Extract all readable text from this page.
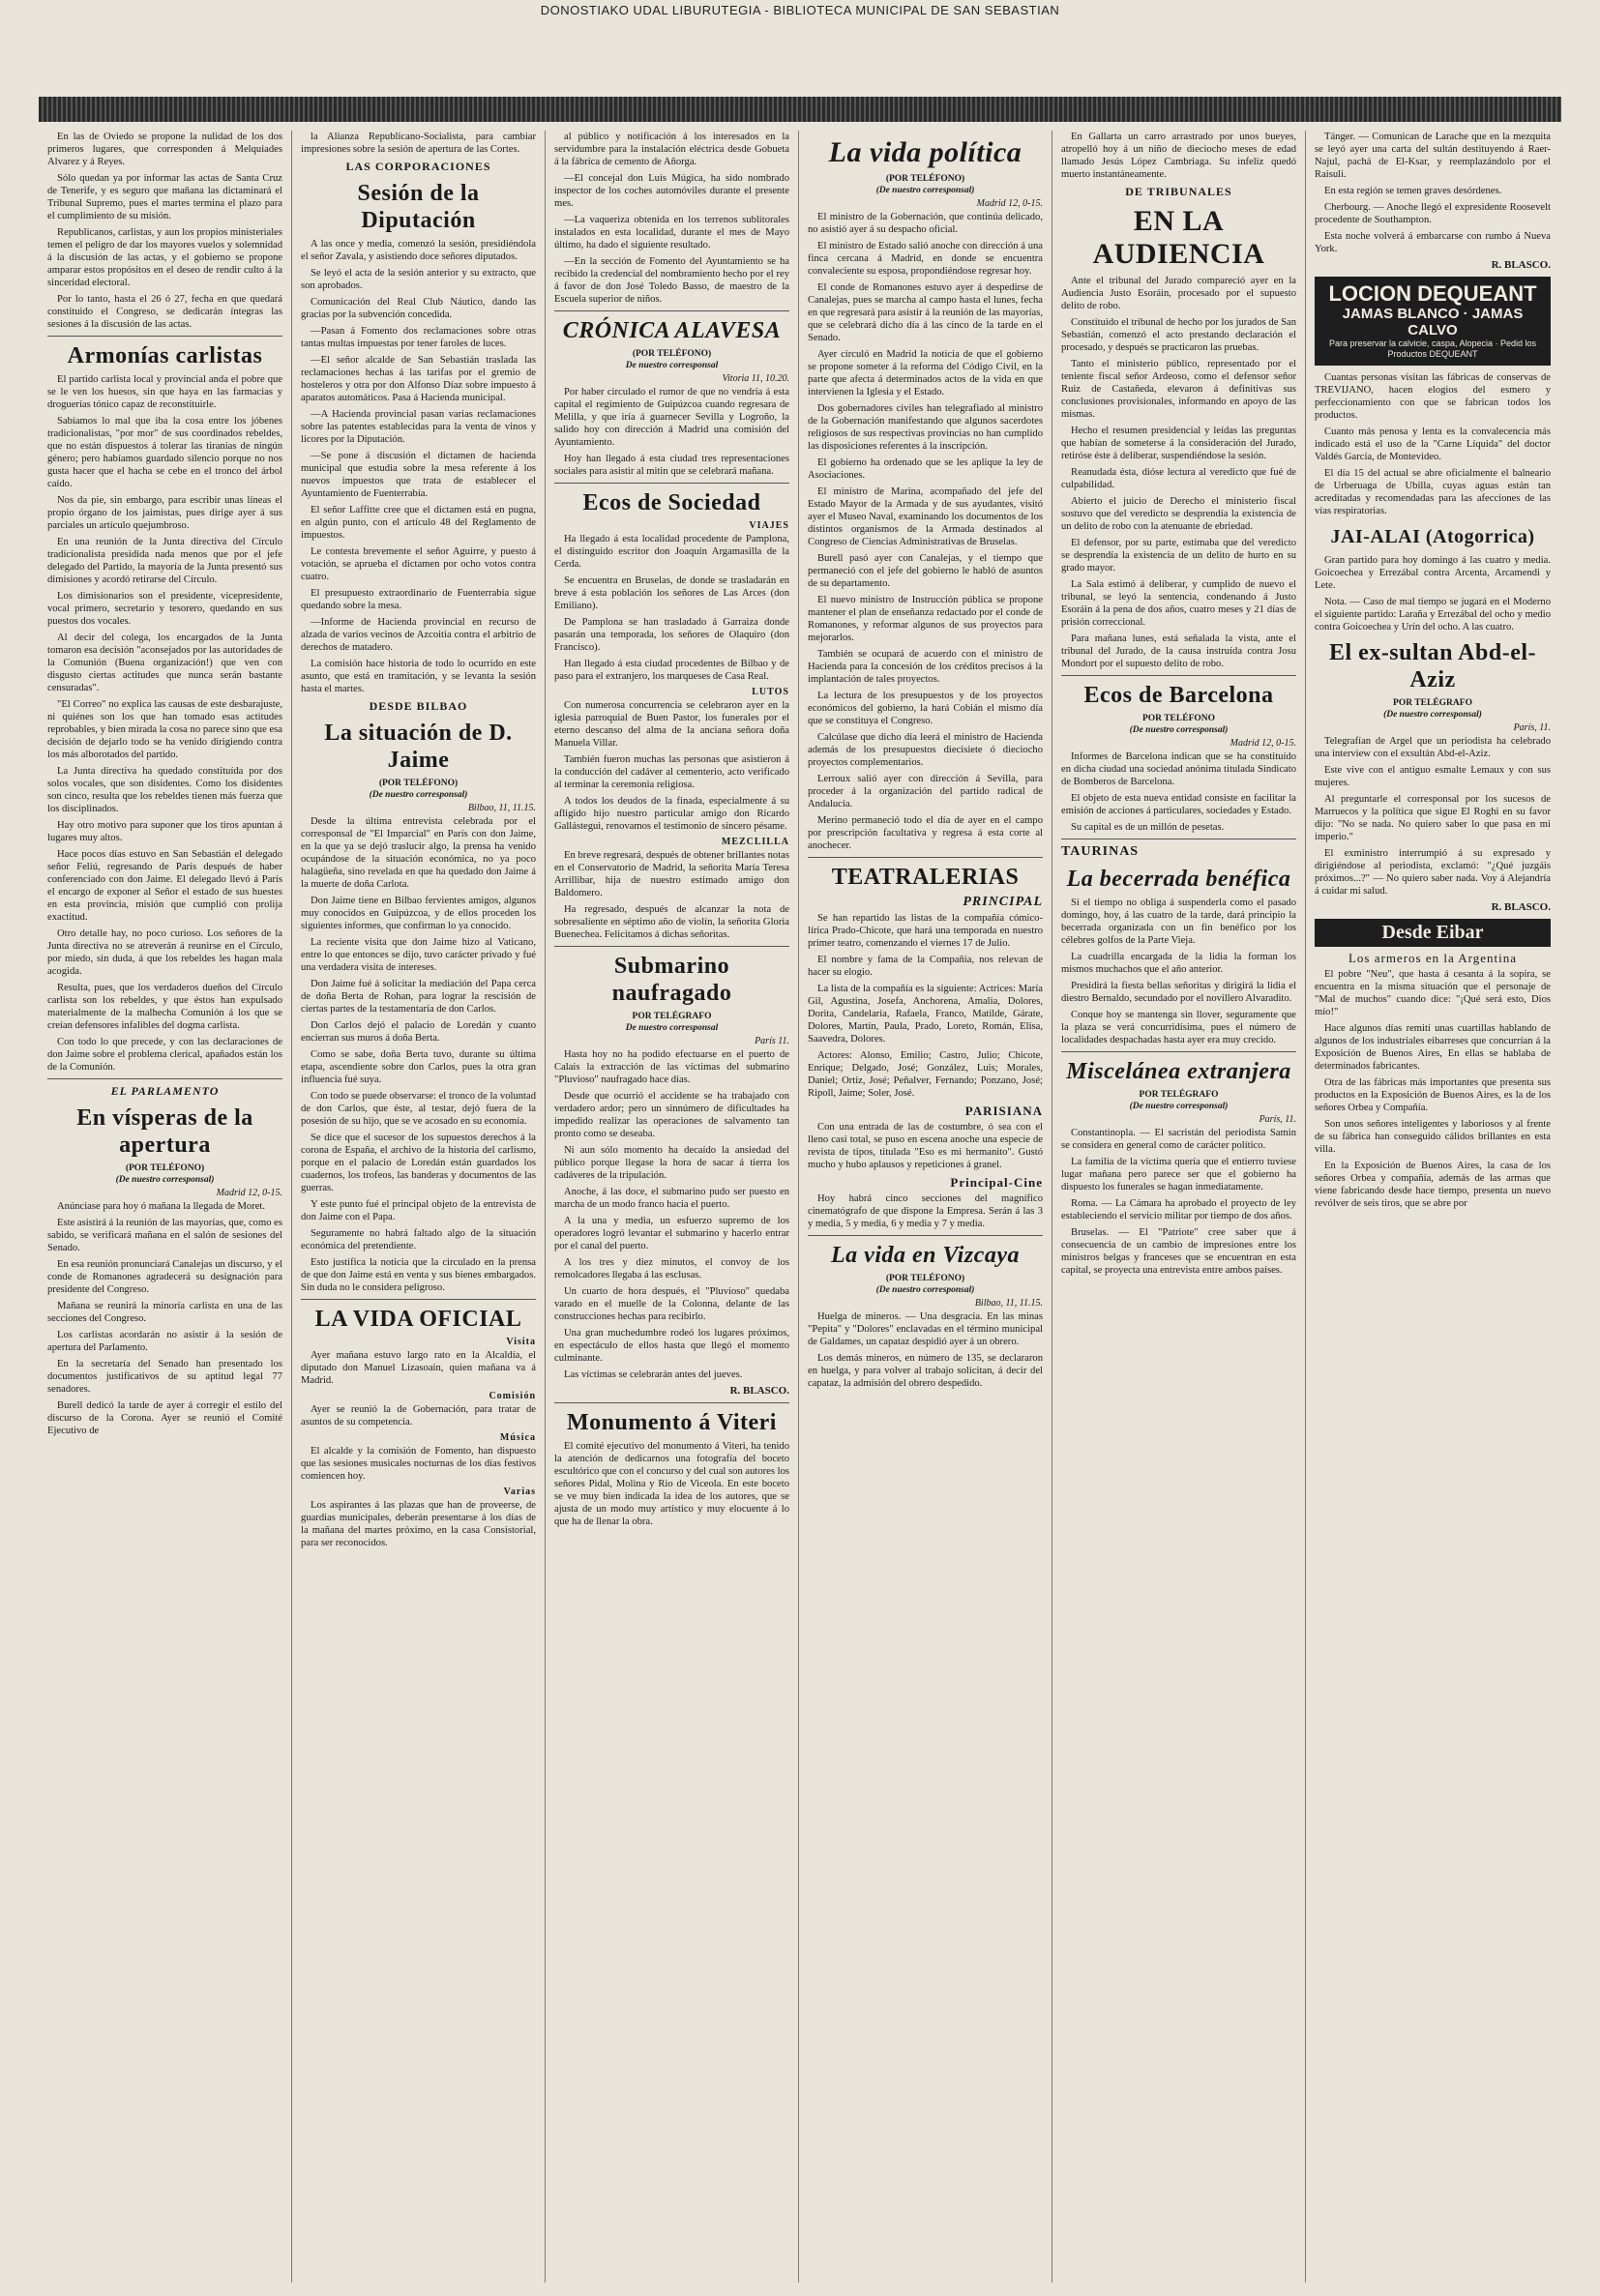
DONOSTIAKO UDAL LIBURUTEGIA - BIBLIOTECA MUNICIPAL DE SAN SEBASTIAN

En las de Oviedo se propone la nulidad de los dos primeros lugares, que corresponden á Melquiades Alvarez y á Reyes.

Sólo quedan ya por informar las actas de Santa Cruz de Tenerife, y es seguro que mañana las dictaminará el Tribunal Supremo, pues el martes termina el plazo para el cumplimiento de su misión.

Republicanos, carlistas, y aun los propios ministeriales temen el peligro de dar los mayores vuelos y solemnidad á la discusión de las actas, y el gobierno se propone amparar estos propósitos en el deseo de rendir culto á la sinceridad electoral.

Por lo tanto, hasta el 26 ó 27, fecha en que quedará constituido el Congreso, se dedicarán íntegras las sesiones á la discusión de las actas.

Armonías carlistas

El partido carlista local y provincial anda el pobre que se le ven los huesos, sin que haya en las farmacias y droguerías tónico capaz de reconstituirle.

Sabíamos lo mal que iba la cosa entre los jóbenes tradicionalistas, "por mor" de sus coordinados rebeldes, que no están dispuestos á tolerar las tiranías de ningún género; pero habíamos guardado silencio porque no nos gusta hacer que el hacha se cebe en el tronco del árbol caído.

Nos da pie, sin embargo, para escribir unas líneas el propio órgano de los jaimistas, pues dirige ayer á sus parciales un artículo quejumbroso.

En una reunión de la Junta directiva del Círculo tradicionalista presidida nada menos que por el jefe delegado del Partido, la mayoría de la Junta presentó sus dimisiones y acordó retirarse del Círculo.

Los dimisionarios son el presidente, vicepresidente, vocal primero, secretario y tesorero, quedando en sus puestos dos vocales.

Al decir del colega, los encargados de la Junta tomaron esa decisión "aconsejados por las autoridades de la Comunión (Buena organización!) que ven con disgusto ciertas actitudes que nunca serán bastante censuradas".

"El Correo" no explica las causas de este desbarajuste, ni quiénes son los que han tomado esas actitudes reprobables, y bien mirada la cosa no parece sino que esa decisión de dejarlo todo se ha venido dirigiendo contra los más alborotados del partido.

La Junta directiva ha quedado constituída por dos solos vocales, que son disidentes. Como los disidentes son cinco, resulta que los rebeldes tienen más fuerza que los disciplinados.

Hay otro motivo para suponer que los tiros apuntan á lugares muy altos.

Hace pocos días estuvo en San Sebastián el delegado señor Feliú, regresando de París después de haber conferenciado con don Jaime. El delegado llevó á París el encargo de exponer al Señor el estado de sus huestes en esta provincia, misión que cumplió con prolija exactitud.

Otro detalle hay, no poco curioso. Los señores de la Junta directiva no se atreverán á reunirse en el Círculo, por miedo, sin duda, á que los rebeldes les hagan mala acogida.

Resulta, pues, que los verdaderos dueños del Círculo carlista son los rebeldes, y que éstos han expulsado materialmente de la malhecha Comunión á los que se creían defensores infalibles del dogma carlista.

Con todo lo que precede, y con las declaraciones de don Jaime sobre el problema clerical, apañados están los de la Comunión.

EL PARLAMENTO
En vísperas de la apertura
(POR TELÉFONO)
(De nuestro corresponsal)
Madrid 12, 0-15.

Anúnciase para hoy ó mañana la llegada de Moret.

Este asistirá á la reunión de las mayorías, que, como es sabido, se verificará mañana en el salón de sesiones del Senado.

En esa reunión pronunciará Canalejas un discurso, y el conde de Romanones agradecerá su designación para presidente del Congreso.

Mañana se reunirá la minoría carlista en una de las secciones del Congreso.

Los carlistas acordarán no asistir á la sesión de apertura del Parlamento.

En la secretaría del Senado han presentado los documentos justificativos de su aptitud legal 77 senadores.

Burell dedicó la tarde de ayer á corregir el estilo del discurso de la Corona. Ayer se reunió el Comité Ejecutivo de

la Alianza Republicano-Socialista, para cambiar impresiones sobre la sesión de apertura de las Cortes.

LAS CORPORACIONES
Sesión de la Diputación

A las once y media, comenzó la sesión, presidiéndola el señor Zavala, y asistiendo doce señores diputados.

Se leyó el acta de la sesión anterior y su extracto, que son aprobados.

Comunicación del Real Club Náutico, dando las gracias por la subvención concedida.

—Pasan á Fomento dos reclamaciones sobre otras tantas multas impuestas por tener faroles de luces.

—El señor alcalde de San Sebastián traslada las reclamaciones hechas á las tarifas por el gremio de hosteleros y otra por don Alfonso Díaz sobre impuesto á aparatos automáticos. Pasa á Hacienda municipal.

—A Hacienda provincial pasan varias reclamaciones sobre las patentes establecidas para la venta de vinos y licores por la Diputación.

—Se pone á discusión el dictamen de hacienda municipal que estudia sobre la mesa referente á los nuevos impuestos que trata de establecer el Ayuntamiento de Fuenterrabía.

El señor Laffitte cree que el dictamen está en pugna, en algún punto, con el artículo 48 del Reglamento de impuestos.

Le contesta brevemente el señor Aguirre, y puesto á votación, se aprueba el dictamen por ocho votos contra cuatro.

El presupuesto extraordinario de Fuenterrabía sigue quedando sobre la mesa.

—Informe de Hacienda provincial en recurso de alzada de varios vecinos de Azcoitia contra el arbitrio de derechos de matadero.

La comisión hace historia de todo lo ocurrido en este asunto, que está en tramitación, y se levanta la sesión hasta el martes.

DESDE BILBAO
La situación de D. Jaime
(POR TELÉFONO)
(De nuestro corresponsal)
Bilbao, 11, 11.15.

Desde la última entrevista celebrada por el corresponsal de "El Imparcial" en París con don Jaime, en la que ya se dejó traslucir algo, la prensa ha venido ocupándose de la situación económica, no ya poco halagüeña, sino revelada en que ha quedado don Jaime á la muerte de doña Carlota.

Don Jaime tiene en Bilbao fervientes amigos, algunos muy conocidos en Guipúzcoa, y de ellos proceden los siguientes informes, que confirman lo ya conocido.

La reciente visita que don Jaime hizo al Vaticano, entre lo que entonces se dijo, tuvo carácter privado y fué una verdadera visita de intereses.

Don Jaime fué á solicitar la mediación del Papa cerca de doña Berta de Rohan, para lograr la rescisión de ciertas partes de la testamentaría de don Carlos.

Don Carlos dejó el palacio de Loredán y cuanto encierran sus muros á doña Berta.

Como se sabe, doña Berta tuvo, durante su última etapa, ascendiente sobre don Carlos, pues la otra gran influencia fué suya.

Con todo se puede observarse: el tronco de la voluntad de don Carlos, que éste, al testar, dejó fuera de la posesión de su hijo, que se ve acosado en su economía.

Se dice que el sucesor de los supuestos derechos á la corona de España, el archivo de la historia del carlismo, porque en el palacio de Loredán están guardados los cuadernos, los trofeos, las banderas y documentos de las guerras.

Y este punto fué el principal objeto de la entrevista de don Jaime con el Papa.

Seguramente no habrá faltado algo de la situación económica del pretendiente.

Esto justifica la noticia que la circulado en la prensa de que don Jaime está en venta y sus bienes embargados. Sin duda no le considera peligroso.

LA VIDA OFICIAL
Visita

Ayer mañana estuvo largo rato en la Alcaldía, el diputado don Manuel Lizasoain, quien mañana va á Madrid.

Comisión

Ayer se reunió la de Gobernación, para tratar de asuntos de su competencia.

Música

El alcalde y la comisión de Fomento, han dispuesto que las sesiones musicales nocturnas de los días festivos comiencen hoy.

Varias

Los aspirantes á las plazas que han de proveerse, de guardias municipales, deberán presentarse á los días de la mañana del martes próximo, en la casa Consistorial, para ser reconocidos.

al público y notificación á los interesados en la servidumbre para la instalación eléctrica desde Gobueta á la fábrica de cemento de Añorga.

—El concejal don Luis Múgica, ha sido nombrado inspector de los coches automóviles durante el presente mes.

—La vaqueriza obtenida en los terrenos sublitorales instalados en esta localidad, durante el mes de Mayo último, ha dado el siguiente resultado.

—En la sección de Fomento del Ayuntamiento se ha recibido la credencial del nombramiento hecho por el rey á favor de don José Toledo Basso, de maestro de la Escuela superior de niños.

CRÓNICA ALAVESA
(POR TELÉFONO)
De nuestro corresponsal
Vitoria 11, 10.20.

Por haber circulado el rumor de que no vendría á esta capital el regimiento de Guipúzcoa cuando regresara de Melilla, y que iría á guarnecer Sevilla y Logroño, la salido hoy con dirección á Madrid una comisión del Ayuntamiento.

Hoy han llegado á esta ciudad tres representaciones sociales para asistir al mitin que se celebrará mañana.

Ecos de Sociedad
VIAJES

Ha llegado á esta localidad procedente de Pamplona, el distinguido escritor don Joaquín Argamasilla de la Cerda.

Se encuentra en Bruselas, de donde se trasladarán en breve á esta población los señores de Las Arces (don Emiliano).

De Pamplona se han trasladado á Garraiza donde pasarán una temporada, los señores de Olaquiro (don Francisco).

Han llegado á esta ciudad procedentes de Bilbao y de paso para el extranjero, los marqueses de Casa Real.

LUTOS

Con numerosa concurrencia se celebraron ayer en la iglesia parroquial de Buen Pastor, los funerales por el eterno descanso del alma de la anciana señora doña Manuela Villar.

También fueron muchas las personas que asistieron á la conducción del cadáver al cementerio, acto verificado al terminar la ceremonia religiosa.

A todos los deudos de la finada, especialmente á su afligido hijo nuestro particular amigo don Ricardo Gallástegui, renovamos el testimonio de sincero pésame.

MEZCLILLA

En breve regresará, después de obtener brillantes notas en el Conservatorio de Madrid, la señorita María Teresa Arrillibar, hija de nuestro estimado amigo don Baldomero.

Ha regresado, después de alcanzar la nota de sobresaliente en séptimo año de violín, la señorita Gloria Buenechea. Felicitamos á dichas señoritas.

Submarino naufragado
POR TELÉGRAFO
De nuestro corresponsal
París 11.

Hasta hoy no ha podido efectuarse en el puerto de Calais la extracción de las víctimas del submarino "Pluvioso" naufragado hace días.

Desde que ocurrió el accidente se ha trabajado con verdadero ardor; pero un sinnúmero de dificultades ha impedido realizar las operaciones de salvamento tan pronto como se deseaba.

Ni aun sólo momento ha decaído la ansiedad del público porque llegase la hora de sacar á tierra los cadáveres de la tripulación.

Anoche, á las doce, el submarino pudo ser puesto en marcha de un modo franco hacia el puerto.

A la una y media, un esfuerzo supremo de los operadores logró levantar el submarino y hacerlo entrar por el canal del puerto.

A los tres y diez minutos, el convoy de los remolcadores llegaba á las esclusas.

Un cuarto de hora después, el "Pluvioso" quedaba varado en el muelle de la Colonna, delante de las construcciones hechas para recibirlo.

Una gran muchedumbre rodeó los lugares próximos, en espectáculo de ellos hasta que llegó el momento culminante.

Las víctimas se celebrarán antes del jueves.

R. BLASCO.
Monumento á Viteri

El comité ejecutivo del monumento á Viteri, ha tenido la atención de dedicarnos una fotografía del boceto escultórico que con el concurso y del cual son autores los señores Pidal, Molina y Rio de Viceola. En este boceto se ve muy bien indicada la idea de los autores, que se ajusta de un modo muy artístico y muy elocuente á lo que ha de llenar la obra.

La vida política
(POR TELÉFONO)
(De nuestro corresponsal)
Madrid 12, 0-15.

El ministro de la Gobernación, que continúa delicado, no asistió ayer á su despacho oficial.

El ministro de Estado salió anoche con dirección á una finca cercana á Madrid, en donde se encuentra convaleciente su esposa, propondiéndose regresar hoy.

El conde de Romanones estuvo ayer á despedirse de Canalejas, pues se marcha al campo hasta el lunes, fecha en que regresará para asistir á la reunión de las mayorías, que se celebrará dicho día á las cinco de la tarde en el Senado.

Ayer circuló en Madrid la noticia de que el gobierno se propone someter á la reforma del Código Civil, en la parte que afecta á determinados actos de la vida en que intervienen la Iglesia y el Estado.

Dos gobernadores civiles han telegrafiado al ministro de la Gobernación manifestando que algunos sacerdotes religiosos de sus respectivas provincias no han cumplido las disposiciones referentes á la inscripción.

El gobierno ha ordenado que se les aplique la ley de Asociaciones.

El ministro de Marina, acompañado del jefe del Estado Mayor de la Armada y de sus ayudantes, visitó ayer el Museo Naval, examinando los documentos de los distintos organismos de la Armada destinados al Congreso de Ciencias Administrativas de Bruselas.

Burell pasó ayer con Canalejas, y el tiempo que permaneció con el jefe del gobierno le habló de asuntos de su departamento.

El nuevo ministro de Instrucción pública se propone mantener el plan de enseñanza redactado por el conde de Romanones, y reformar algunos de sus proyectos para mejorarlos.

También se ocupará de acuerdo con el ministro de Hacienda para la concesión de los créditos precisos á la implantación de tales proyectos.

La lectura de los presupuestos y de los proyectos económicos del gobierno, la hará Cobián el mismo día que se constituya el Congreso.

Calcúlase que dicho día leerá el ministro de Hacienda además de los presupuestos diecisiete ó dieciocho proyectos complementarios.

Lerroux salió ayer con dirección á Sevilla, para proceder á la organización del partido radical de Andalucía.

Merino permaneció todo el día de ayer en el campo por prescripción facultativa y regresa á esta corte al anochecer.

TEATRALERIAS
PRINCIPAL

Se han repartido las listas de la compañía cómico-lírica Prado-Chicote, que hará una temporada en nuestro primer teatro, comenzando el viernes 17 de Julio.

El nombre y fama de la Compañía, nos relevan de hacer su elogio.

La lista de la compañía es la siguiente: Actrices: María Gil, Agustina, Josefa, Anchorena, Amalia, Dolores, Dorita, Candelaria, Rafaela, Franco, Matilde, Gárate, Dolores, Martín, Paula, Prado, Loreto, Román, Elisa, Saavedra, Dolores.

Actores: Alonso, Emilio; Castro, Julio; Chicote, Enrique; Delgado, José; González, Luis; Morales, Daniel; Ortiz, José; Peñalver, Fernando; Ponzano, José; Ripoll, Jaime; Soler, José.

PARISIANA

Con una entrada de las de costumbre, ó sea con el lleno casi total, se puso en escena anoche una especie de revista de tipos, titulada "Eso es mi hermanito". Gustó mucho y hubo aplausos y repeticiones á granel.

Principal-Cine

Hoy habrá cinco secciones del magnífico cinematógrafo de que dispone la Empresa. Serán á las 3 y media, 5 y media, 6 y media y 7 y media.

La vida en Vizcaya
(POR TELÉFONO)
(De nuestro corresponsal)
Bilbao, 11, 11.15.

Huelga de mineros. — Una desgracia. En las minas "Pepita" y "Dolores" enclavadas en el término municipal de Galdames, un capataz despidió ayer á un obrero.

Los demás mineros, en número de 135, se declararon en huelga, y para volver al trabajo solicitan, á decir del capataz, la admisión del obrero despedido.

En Gallarta un carro arrastrado por unos bueyes, atropelló hoy á un niño de dieciocho meses de edad llamado Jesús López Cambriaga. Su infeliz quedó muerto instantáneamente.

DE TRIBUNALES
EN LA AUDIENCIA

Ante el tribunal del Jurado comparecíó ayer en la Audiencia Justo Esoráin, procesado por el supuesto delito de robo.

Constituido el tribunal de hecho por los jurados de San Sebastián, comenzó el acto prestando declaración el procesado, y después se practicaron las pruebas.

Tanto el ministerio público, representado por el teniente fiscal señor Ardeoso, como el defensor señor Ruiz de Castañeda, elevaron á definitivas sus conclusiones provisionales, informando en apoyo de las mismas.

Hecho el resumen presidencial y leídas las preguntas que habían de someterse á la consideración del Jurado, retiróse éste á deliberar, suspendiéndose la sesión.

Reanudada ésta, dióse lectura al veredicto que fué de culpabilidad.

Abierto el juicio de Derecho el ministerio fiscal sostuvo que del veredicto se desprendía la existencia de un delito de robo con la atenuante de ebriedad.

El defensor, por su parte, estimaba que del veredicto se desprendía la existencia de un delito de hurto en su grado mayor.

La Sala estimó á deliberar, y cumplido de nuevo el tribunal, se leyó la sentencia, condenando á Justo Esoráin á la pena de dos años, cuatro meses y 21 días de prisión correccional.

Para mañana lunes, está señalada la vista, ante el tribunal del Jurado, de la causa instruída contra Josu Mondort por el supuesto delito de robo.

Ecos de Barcelona
POR TELÉFONO
(De nuestro corresponsal)
Madrid 12, 0-15.

Informes de Barcelona indican que se ha constituído en dicha ciudad una sociedad anónima titulada Sindicato de Bomberos de Barcelona.

El objeto de esta nueva entidad consiste en facilitar la emisión de acciones á particulares, sociedades y Estado.

Su capital es de un millón de pesetas.

TAURINAS
La becerrada benéfica

Si el tiempo no obliga á suspenderla como el pasado domingo, hoy, á las cuatro de la tarde, dará principio la becerrada organizada con un fin benéfico por los célebres golfos de la Parte Vieja.

La cuadrilla encargada de la lidia la forman los mismos muchachos que el año anterior.

Presidirá la fiesta bellas señoritas y dirigirá la lidia el diestro Bernaldo, secundado por el novillero Alvaradito.

Conque hoy se mantenga sin llover, seguramente que la plaza se verá concurridísima, pues el número de localidades despachadas hasta ayer era muy crecido.

Miscelánea extranjera
POR TELÉGRAFO
(De nuestro corresponsal)
París, 11.

Constantinopla. — El sacristán del periodista Samin se considera en general como de carácter político.

La familia de la víctima quería que el entierro tuviese lugar mañana pero parece ser que el gobierno ha dispuesto los funerales se hagan inmediatamente.

Roma. — La Cámara ha aprobado el proyecto de ley estableciendo el servicio militar por tiempo de dos años.

Bruselas. — El "Patriote" cree saber que á consecuencia de un cambio de impresiones entre los ministros belgas y franceses que se encuentran en esta capital, se proyecta una entrevista entre ambos países.

Tánger. — Comunican de Larache que en la mezquita se leyó ayer una carta del sultán destituyendo á Raer-Najul, pachá de El-Ksar, y reemplazándolo por el Raisuli.

En esta región se temen graves desórdenes.

Cherbourg. — Anoche llegó el expresidente Roosevelt procedente de Southampton.

Esta noche volverá á embarcarse con rumbo á Nueva York.

R. BLASCO.
LOCION DEQUEANT
JAMAS BLANCO · JAMAS CALVO
Para preservar la calvicie, caspa, Alopecia · Pedid los Productos DEQUEANT

Cuantas personas visitan las fábricas de conservas de TREVIJANO, hacen elogios del esmero y perfeccionamiento con que se fabrican todos los productos.

Cuanto más penosa y lenta es la convalecencia más indicado está el uso de la "Carne Líquida" del doctor Valdés García, de Montevideo.

El día 15 del actual se abre oficialmente el balneario de Urberuaga de Ubilla, cuyas aguas están tan acreditadas y recomendadas para las afecciones de las vías respiratorias.

JAI-ALAI (Atogorrica)

Gran partido para hoy domingo á las cuatro y media. Goicoechea y Errezábal contra Arcenta, Arcamendi y Lete.

Nota. — Caso de mal tiempo se jugará en el Moderno el siguiente partido: Laraña y Errezábal del ocho y medio contra Goicoechea y Urín del ocho. A las cuatro.

El ex-sultan Abd-el-Aziz
POR TELÉGRAFO
(De nuestro corresponsal)
París, 11.

Telegrafían de Argel que un periodista ha celebrado una interview con el exsultán Abd-el-Aziz.

Este vive con el antiguo esmalte Lemaux y con sus mujeres.

Al preguntarle el corresponsal por los sucesos de Marruecos y la política que sigue El Roghi en su favor dijo: "No se nada. No quiero saber lo que pasa en mi imperio."

El exministro interrumpió á su expresado y dirigiéndose al periodista, exclamó: "¿Qué juzgáis próximos...?" — No quiero saber nada. Voy á Alejandría á cuidar mi salud.

R. BLASCO.
Desde Eibar
Los armeros en la Argentina

El pobre "Neu", que hasta á cesanta á la sopira, se encuentra en la misma situación que el personaje de "Mal de muchos" cuando dice: "¡Qué será esto, Dios mío!"

Hace algunos días remití unas cuartillas hablando de algunos de los industriales eibarreses que concurrían á la Exposición de Buenos Aires, En ellas se hablaba de determinados fabricantes.

Otra de las fábricas más importantes que presenta sus productos en la Exposición de Buenos Aires, es la de los señores Orbea y Compañía.

Son unos señores inteligentes y laboriosos y al frente de su fábrica han conseguido cálidos brillantes en esta villa.

En la Exposición de Buenos Aires, la casa de los señores Orbea y compañía, además de las armas que viene fabricando desde hace tiempo, presenta un nuevo revólver de seis tiros, que se abre por
